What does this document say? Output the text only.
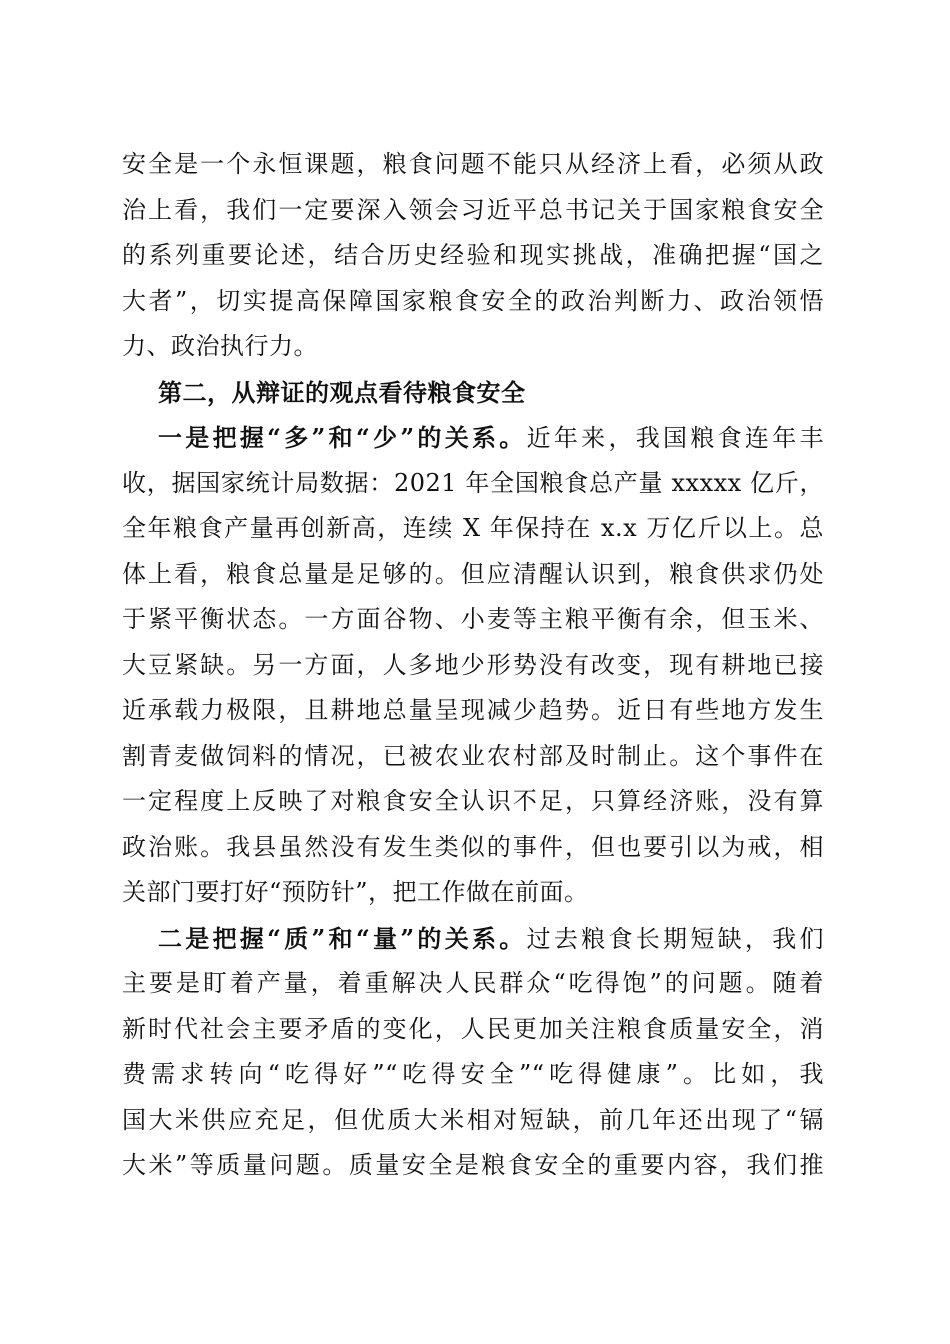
安全是一个永恒课题，粮食问题不能只从经济上看，必须从政
治上看，我们一定要深入领会习近平总书记关于国家粮食安全
的系列重要论述，结合历史经验和现实挑战，准确把握“国之
大者”，切实提高保障国家粮食安全的政治判断力、政治领悟
力、政治执行力。
第二，从辩证的观点看待粮食安全
一是把握“多”和“少”的关系。近年来，我国粮食连年丰
收，据国家统计局数据：2021 年全国粮食总产量 xxxxx 亿斤，
全年粮食产量再创新高，连续 X 年保持在 x.x 万亿斤以上。总
体上看，粮食总量是足够的。但应清醒认识到，粮食供求仍处
于紧平衡状态。一方面谷物、小麦等主粮平衡有余，但玉米、
大豆紧缺。另一方面，人多地少形势没有改变，现有耕地已接
近承载力极限，且耕地总量呈现减少趋势。近日有些地方发生
割青麦做饲料的情况，已被农业农村部及时制止。这个事件在
一定程度上反映了对粮食安全认识不足，只算经济账，没有算
政治账。我县虽然没有发生类似的事件，但也要引以为戒，相
关部门要打好“预防针”，把工作做在前面。
二是把握“质”和“量”的关系。过去粮食长期短缺，我们
主要是盯着产量，着重解决人民群众“吃得饱”的问题。随着
新时代社会主要矛盾的变化，人民更加关注粮食质量安全，消
费需求转向“吃得好”“吃得安全”“吃得健康”。比如，我
国大米供应充足，但优质大米相对短缺，前几年还出现了“镉
大米”等质量问题。质量安全是粮食安全的重要内容，我们推
